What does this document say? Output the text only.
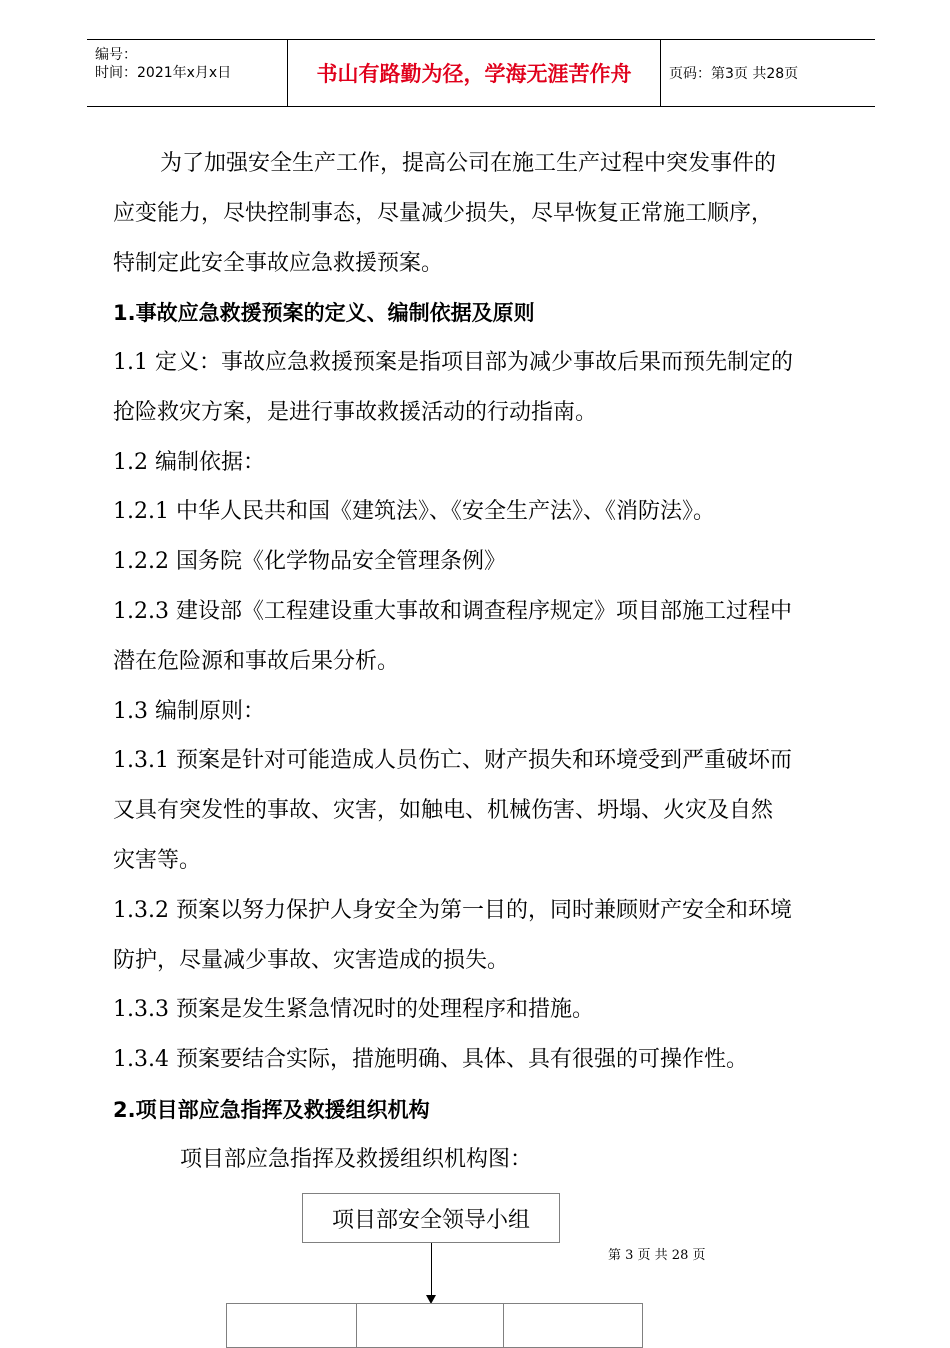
编号：
时间：2021年x月x日	书山有路勤为径，学海无涯苦作舟	页码：第3页 共28页
为了加强安全生产工作，提高公司在施工生产过程中突发事件的
应变能力，尽快控制事态，尽量减少损失，尽早恢复正常施工顺序，
特制定此安全事故应急救援预案。
1.事故应急救援预案的定义、编制依据及原则
1.1 定义：事故应急救援预案是指项目部为减少事故后果而预先制定的
抢险救灾方案，是进行事故救援活动的行动指南。
1.2 编制依据：
1.2.1 中华人民共和国《建筑法》、《安全生产法》、《消防法》。
1.2.2 国务院《化学物品安全管理条例》
1.2.3 建设部《工程建设重大事故和调查程序规定》项目部施工过程中
潜在危险源和事故后果分析。
1.3 编制原则：
1.3.1 预案是针对可能造成人员伤亡、财产损失和环境受到严重破坏而
又具有突发性的事故、灾害，如触电、机械伤害、坍塌、火灾及自然
灾害等。
1.3.2 预案以努力保护人身安全为第一目的，同时兼顾财产安全和环境
防护，尽量减少事故、灾害造成的损失。
1.3.3 预案是发生紧急情况时的处理程序和措施。
1.3.4 预案要结合实际，措施明确、具体、具有很强的可操作性。
2.项目部应急指挥及救援组织机构
项目部应急指挥及救援组织机构图：
项目部安全领导小组
第 3 页 共 28 页
